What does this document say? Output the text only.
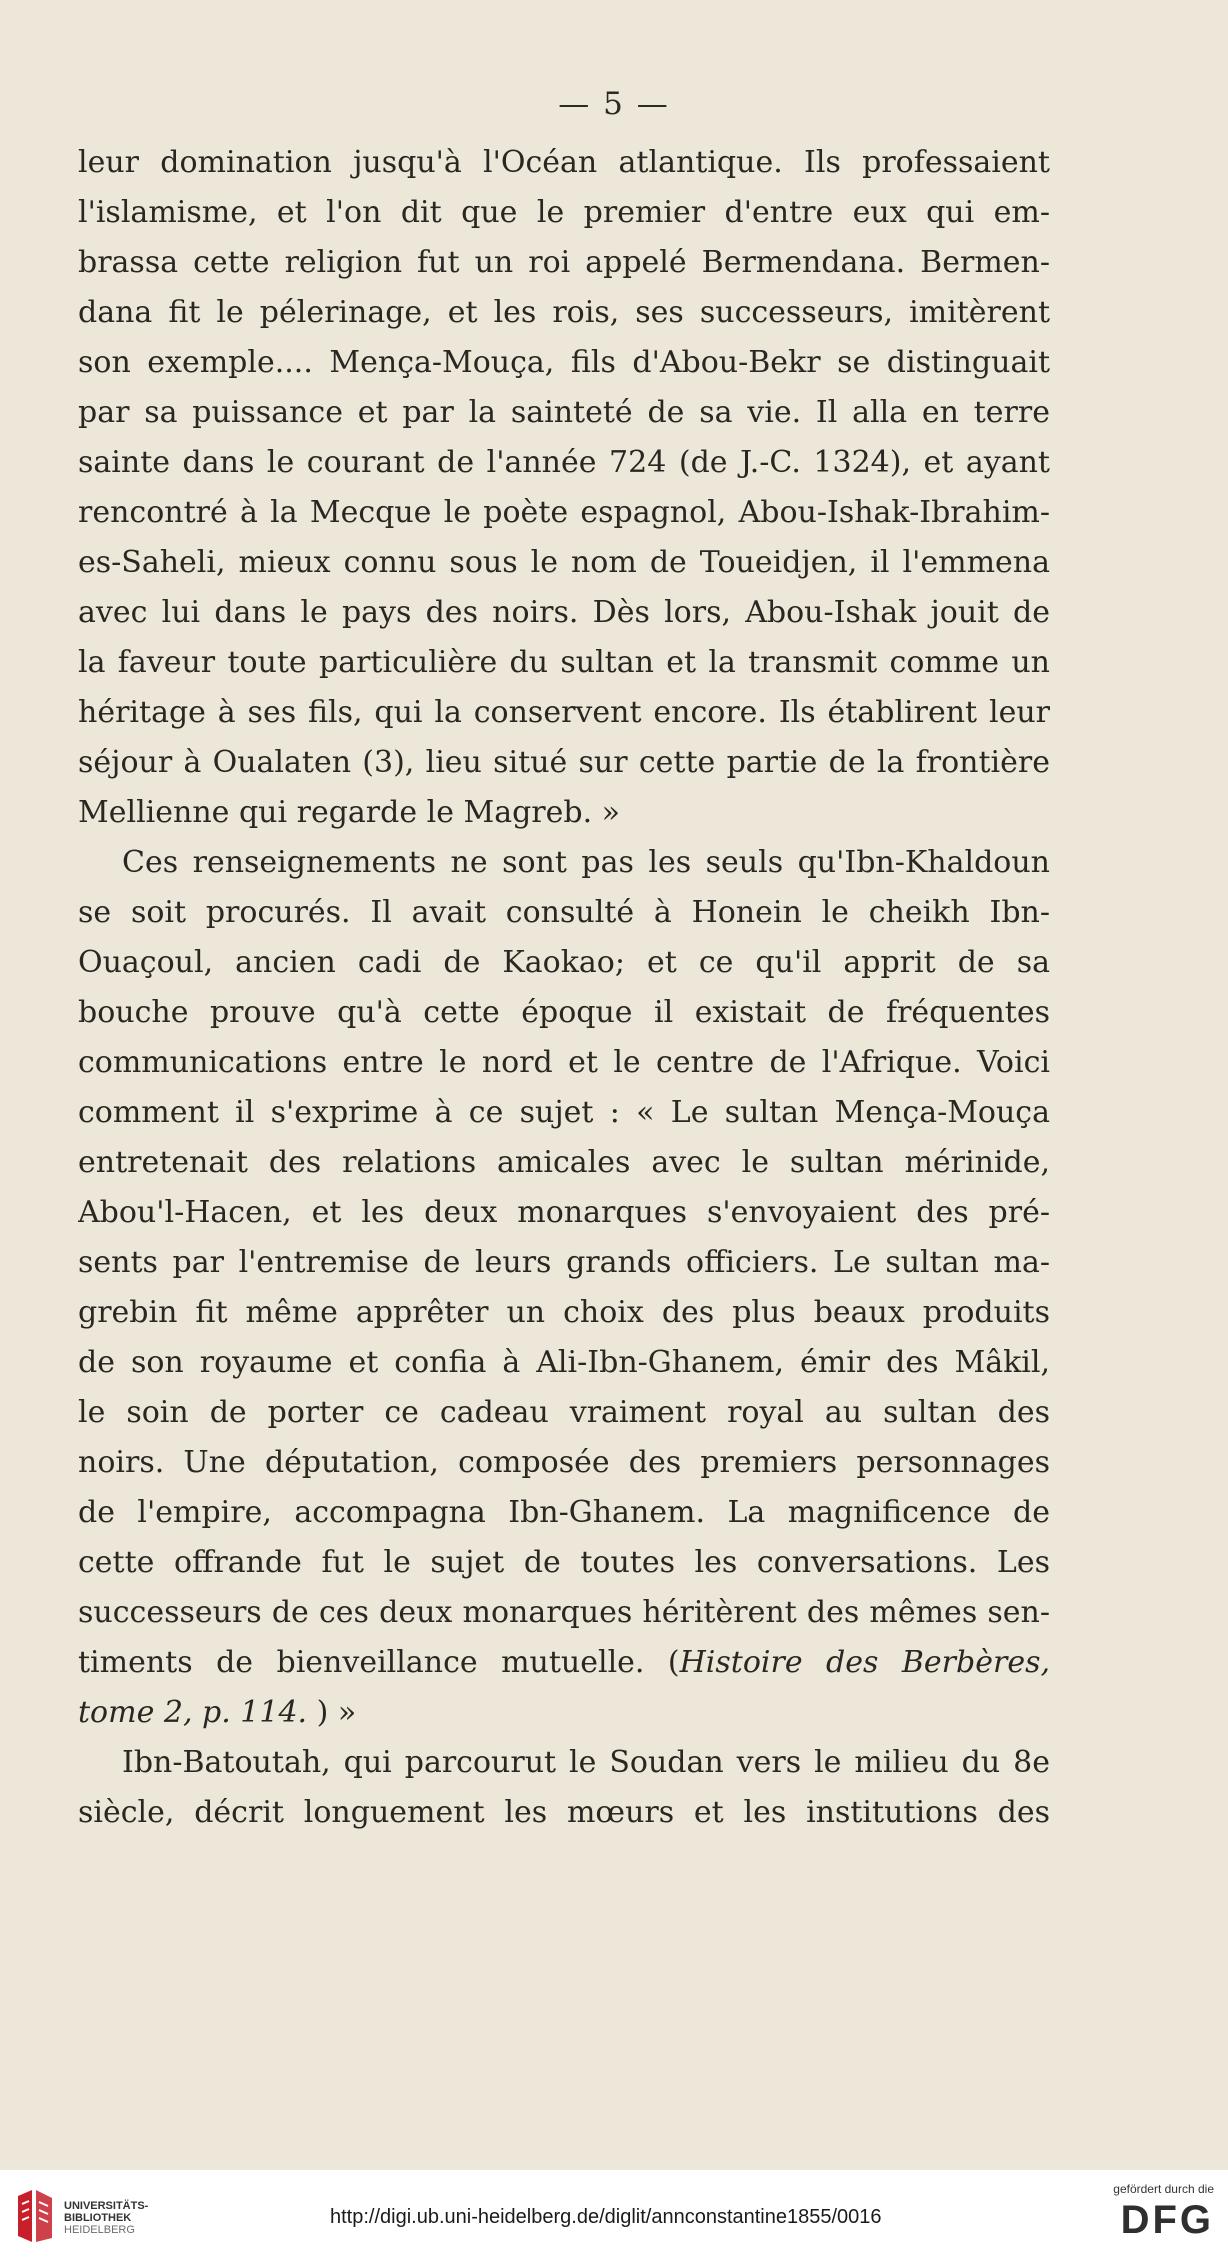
— 5 —
leur domination jusqu'à l'Océan atlantique. Ils professaient
l'islamisme, et l'on dit que le premier d'entre eux qui em-
brassa cette religion fut un roi appelé Bermendana. Bermen-
dana fit le pélerinage, et les rois, ses successeurs, imitèrent
son exemple.... Mença-Mouça, fils d'Abou-Bekr se distinguait
par sa puissance et par la sainteté de sa vie. Il alla en terre
sainte dans le courant de l'année 724 (de J.-C. 1324), et ayant
rencontré à la Mecque le poète espagnol, Abou-Ishak-Ibrahim-
es-Saheli, mieux connu sous le nom de Toueidjen, il l'emmena
avec lui dans le pays des noirs. Dès lors, Abou-Ishak jouit de
la faveur toute particulière du sultan et la transmit comme un
héritage à ses fils, qui la conservent encore. Ils établirent leur
séjour à Oualaten (3), lieu situé sur cette partie de la frontière
Mellienne qui regarde le Magreb. »
Ces renseignements ne sont pas les seuls qu'Ibn-Khaldoun
se soit procurés. Il avait consulté à Honein le cheikh Ibn-
Ouaçoul, ancien cadi de Kaokao; et ce qu'il apprit de sa
bouche prouve qu'à cette époque il existait de fréquentes
communications entre le nord et le centre de l'Afrique. Voici
comment il s'exprime à ce sujet : « Le sultan Mença-Mouça
entretenait des relations amicales avec le sultan mérinide,
Abou'l-Hacen, et les deux monarques s'envoyaient des pré-
sents par l'entremise de leurs grands officiers. Le sultan ma-
grebin fit même apprêter un choix des plus beaux produits
de son royaume et confia à Ali-Ibn-Ghanem, émir des Mâkil,
le soin de porter ce cadeau vraiment royal au sultan des
noirs. Une députation, composée des premiers personnages
de l'empire, accompagna Ibn-Ghanem. La magnificence de
cette offrande fut le sujet de toutes les conversations. Les
successeurs de ces deux monarques héritèrent des mêmes sen-
timents de bienveillance mutuelle. (Histoire des Berbères,
tome 2, p. 114. ) »
Ibn-Batoutah, qui parcourut le Soudan vers le milieu du 8e
siècle, décrit longuement les mœurs et les institutions des
UNIVERSITÄTS-
BIBLIOTHEK
HEIDELBERG
http://digi.ub.uni-heidelberg.de/diglit/annconstantine1855/0016
gefördert durch die
DFG
